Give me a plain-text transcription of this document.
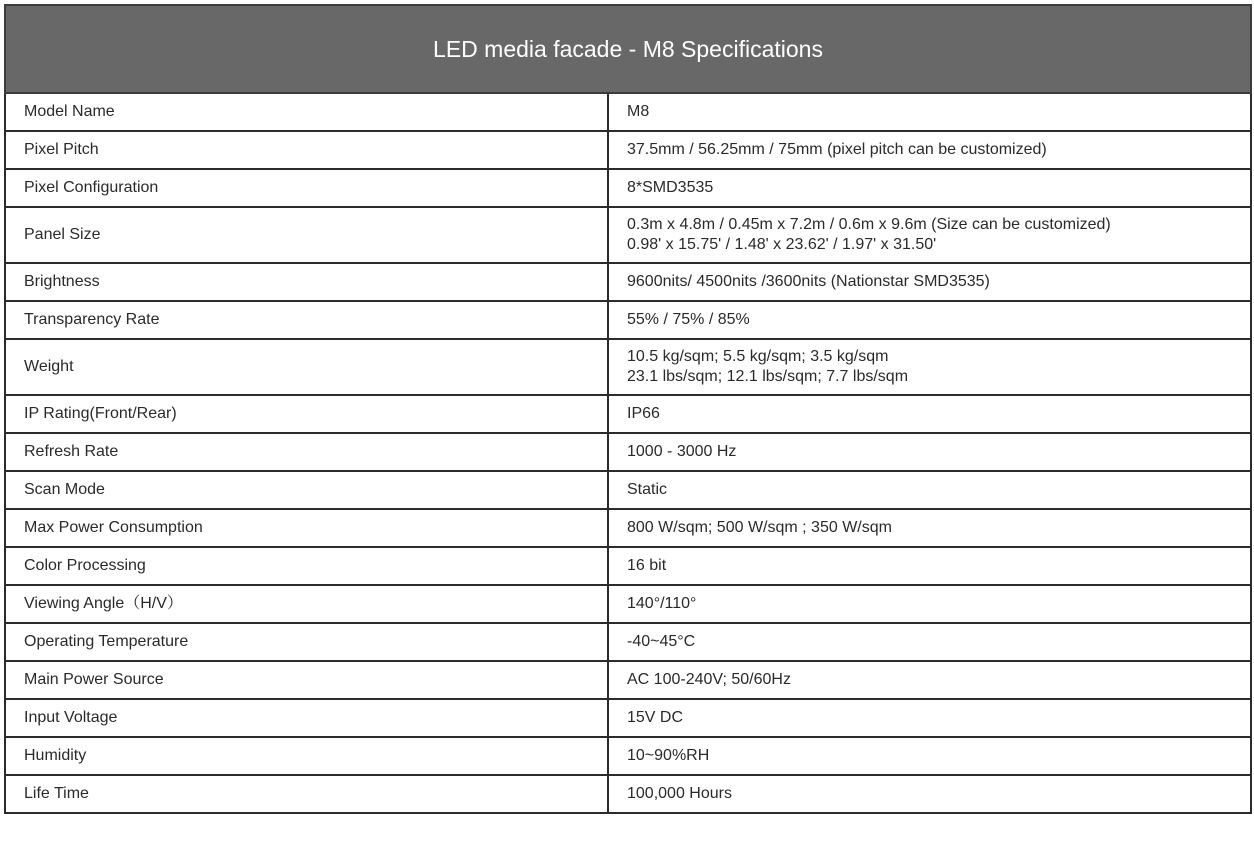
LED media facade - M8 Specifications	
Model Name	M8

Pixel Pitch	37.5mm / 56.25mm / 75mm (pixel pitch can be customized)

Pixel Configuration	8*SMD3535

Panel Size	0.3m x 4.8m / 0.45m x 7.2m / 0.6m x 9.6m (Size can be customized)
0.98' x 15.75' / 1.48' x 23.62' / 1.97' x 31.50'

Brightness	9600nits/ 4500nits /3600nits (Nationstar SMD3535)

Transparency Rate	55% / 75% / 85%

Weight	10.5 kg/sqm; 5.5 kg/sqm; 3.5 kg/sqm
23.1 lbs/sqm; 12.1 lbs/sqm; 7.7 lbs/sqm

IP Rating(Front/Rear)	IP66

Refresh Rate	1000 - 3000 Hz

Scan Mode	Static

Max Power Consumption	800 W/sqm; 500 W/sqm ; 350 W/sqm

Color Processing	16 bit

Viewing Angle（H/V）	140°/110°

Operating Temperature	-40~45°C

Main Power Source	AC 100-240V; 50/60Hz

Input Voltage	15V DC

Humidity	10~90%RH

Life Time	100,000 Hours
